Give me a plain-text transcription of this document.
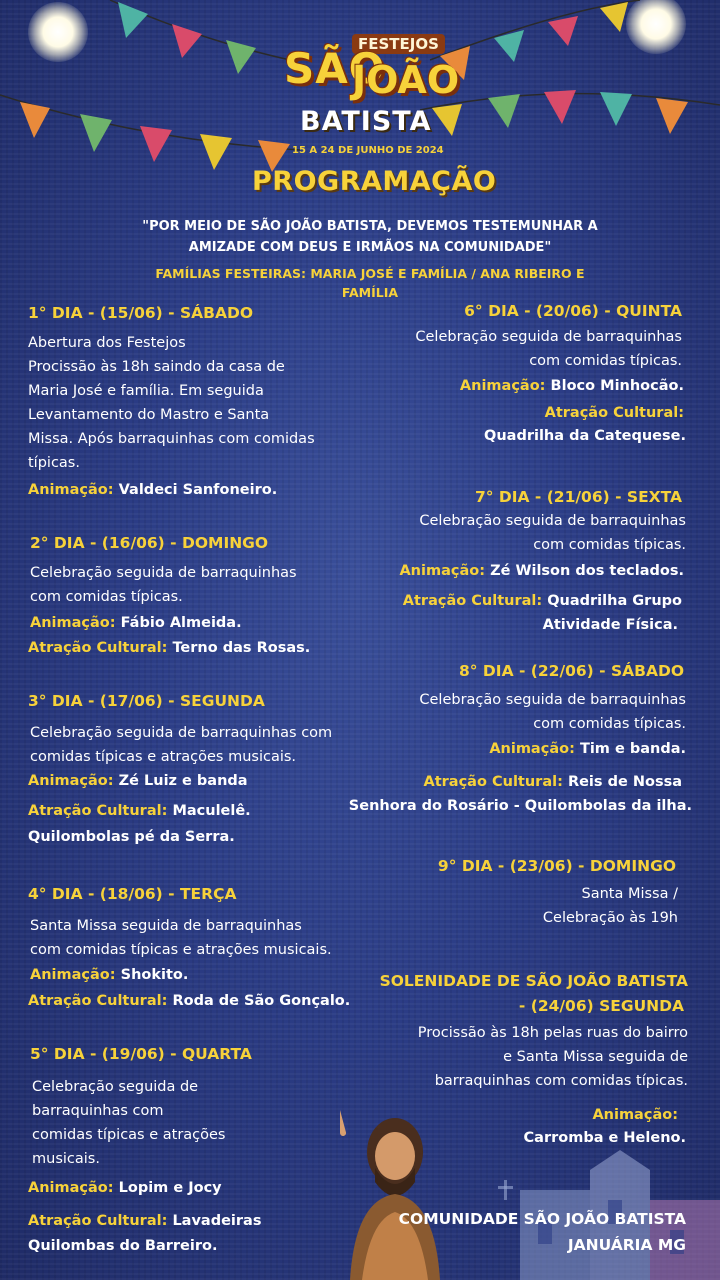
FESTEJOS
SÃO
JOÃO
BATISTA
15 A 24 DE JUNHO DE 2024
PROGRAMAÇÃO
"POR MEIO DE SÃO JOÃO BATISTA, DEVEMOS TESTEMUNHAR A
AMIZADE COM DEUS E IRMÃOS NA COMUNIDADE"
FAMÍLIAS FESTEIRAS: MARIA JOSÉ E FAMÍLIA / ANA RIBEIRO E
FAMÍLIA
1° DIA - (15/06) - SÁBADO
Abertura dos Festejos
Procissão às 18h saindo da casa de
Maria José e família. Em seguida
Levantamento do Mastro e Santa
Missa. Após barraquinhas com comidas
típicas.
Animação: Valdeci Sanfoneiro.
2° DIA - (16/06) - DOMINGO
Celebração seguida de barraquinhas
com comidas típicas.
Animação: Fábio Almeida.
Atração Cultural: Terno das Rosas.
3° DIA - (17/06) - SEGUNDA
Celebração seguida de barraquinhas com
comidas típicas e atrações musicais.
Animação: Zé Luiz e banda
Atração Cultural: Maculelê.
Quilombolas pé da Serra.
4° DIA - (18/06) - TERÇA
Santa Missa seguida de barraquinhas
com comidas típicas e atrações musicais.
Animação: Shokito.
Atração Cultural: Roda de São Gonçalo.
5° DIA - (19/06) - QUARTA
Celebração seguida de
barraquinhas com
comidas típicas e atrações
musicais.
Animação: Lopim e Jocy
Atração Cultural: Lavadeiras
Quilombas do Barreiro.
6° DIA - (20/06) - QUINTA
Celebração seguida de barraquinhas
com comidas típicas.
Animação: Bloco Minhocão.
Atração Cultural:
Quadrilha da Catequese.
7° DIA - (21/06) - SEXTA
Celebração seguida de barraquinhas
com comidas típicas.
Animação: Zé Wilson dos teclados.
Atração Cultural: Quadrilha Grupo
Atividade Física.
8° DIA - (22/06) - SÁBADO
Celebração seguida de barraquinhas
com comidas típicas.
Animação: Tim e banda.
Atração Cultural: Reis de Nossa
Senhora do Rosário - Quilombolas da ilha.
9° DIA - (23/06) - DOMINGO
Santa Missa /
Celebração às 19h
SOLENIDADE DE SÃO JOÃO BATISTA
- (24/06) SEGUNDA
Procissão às 18h pelas ruas do bairro
e Santa Missa seguida de
barraquinhas com comidas típicas.
Animação:
Carromba e Heleno.
COMUNIDADE SÃO JOÃO BATISTA
JANUÁRIA MG
